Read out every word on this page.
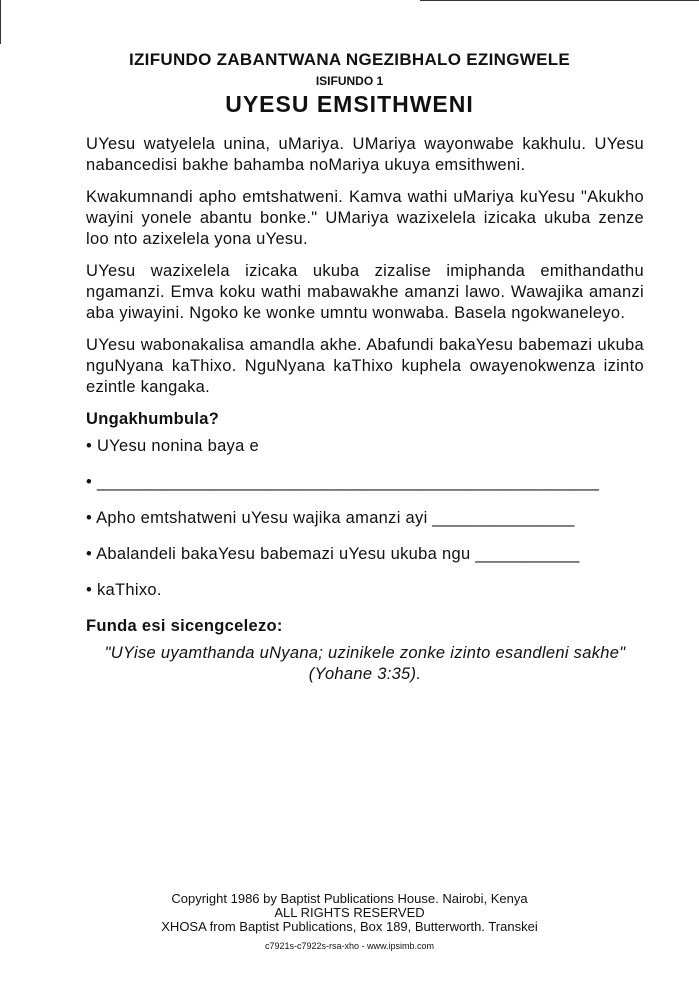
IZIFUNDO ZABANTWANA NGEZIBHALO EZINGWELE
ISIFUNDO 1
UYESU EMSITHWENI

UYesu watyelela unina, uMariya. UMariya wayonwabe kakhulu. UYesu nabancedisi bakhe bahamba noMariya ukuya emsithweni.

Kwakumnandi apho emtshatweni. Kamva wathi uMariya kuYesu "Akukho wayini yonele abantu bonke." UMariya wazixelela izicaka ukuba zenze loo nto azixelela yona uYesu.

UYesu wazixelela izicaka ukuba zizalise imiphanda emithandathu ngamanzi. Emva koku wathi mabawakhe amanzi lawo. Wawajika amanzi aba yiwayini. Ngoko ke wonke umntu wonwaba. Basela ngokwaneleyo.

UYesu wabonakalisa amandla akhe. Abafundi bakaYesu babemazi ukuba nguNyana kaThixo. NguNyana kaThixo kuphela owayenokwenza izinto ezintle kangaka.

Ungakhumbula?

• UYesu nonina baya e
• _____________________________________________________
• Apho emtshatweni uYesu wajika amanzi ayi _______________
• Abalandeli bakaYesu babemazi uYesu ukuba ngu ___________
• kaThixo.

Funda esi sicengcelezo:

"UYise uyamthanda uNyana; uzinikele zonke izinto esandleni sakhe" (Yohane 3:35).
Copyright 1986 by Baptist Publications House. Nairobi, Kenya
ALL RIGHTS RESERVED
XHOSA from Baptist Publications, Box 189, Butterworth. Transkei
c7921s-c7922s-rsa-xho - www.ipsimb.com
